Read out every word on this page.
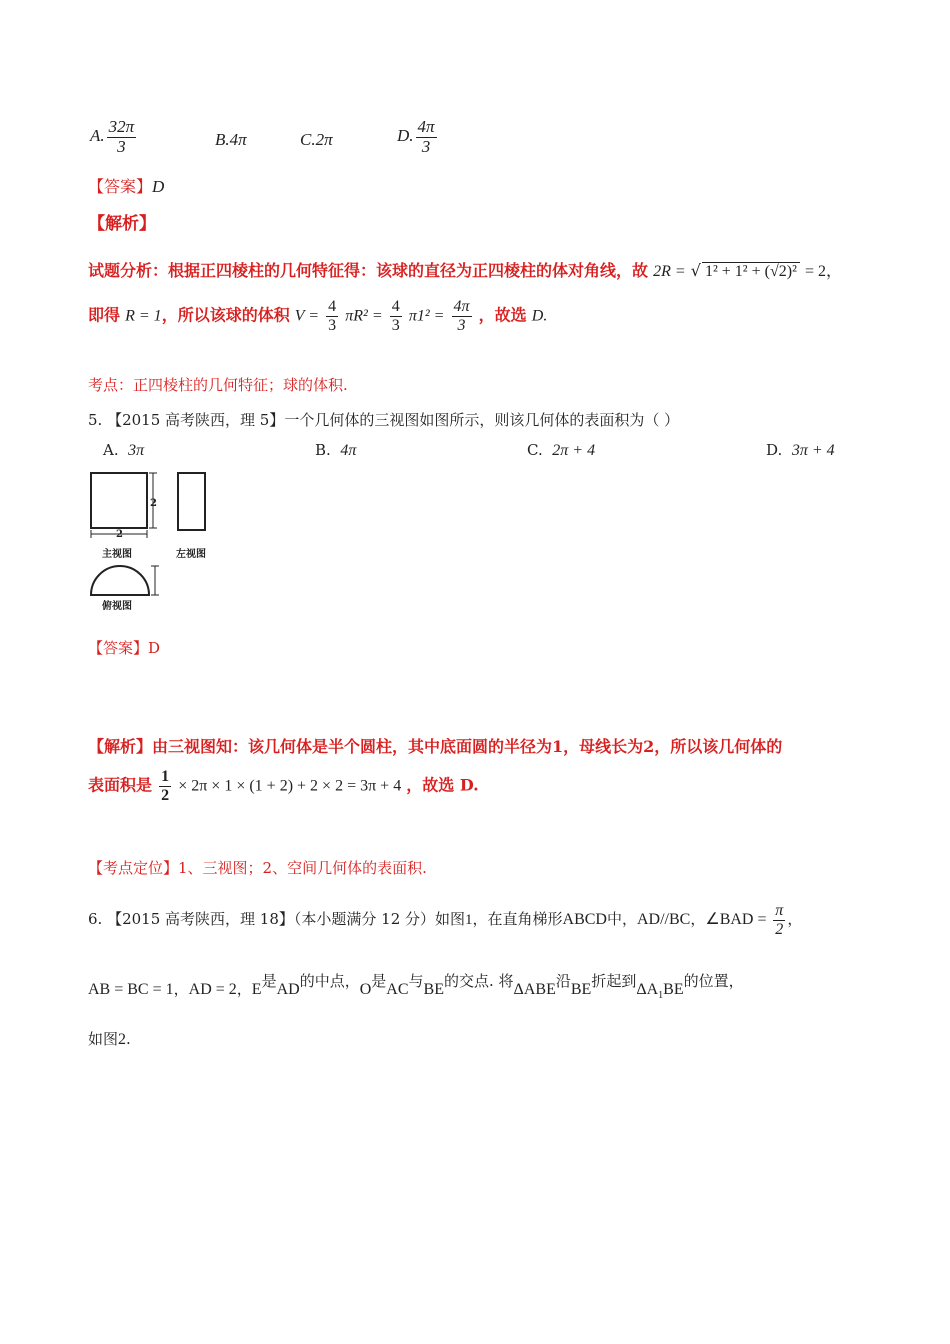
A. $\frac{32\pi}{3}$	B.4π	C.2π	D. $\frac{4\pi}{3}$
【答案】D
【解析】
试题分析：根据正四棱柱的几何特征得：该球的直径为正四棱柱的体对角线，故 2R = √ 1² + 1² + (√2)² = 2，
即得 R = 1，所以该球的体积 $V = \frac{4}{3} \pi R^2 = \frac{4}{3} \pi 1^2 = \frac{4\pi}{3}$ ，故选 D.
考点：正四棱柱的几何特征；球的体积.
5. 【2015 高考陕西，理 5】一个几何体的三视图如图所示，则该几何体的表面积为（ ）
A. 3π	B. 4π	C. 2π + 4	D. 3π + 4
2
2
主视图	左视图
俯视图
【答案】D
【解析】由三视图知：该几何体是半个圆柱，其中底面圆的半径为1，母线长为2，所以该几何体的
表面积是 $\frac{1}{2} \times 2\pi \times 1 \times (1 + 2) + 2 \times 2 = 3\pi + 4$ ，故选 D.
【考点定位】1、三视图；2、空间几何体的表面积.
6. 【2015 高考陕西，理 18】（本小题满分 12 分）如图1，在直角梯形ABCD中，AD//BC，∠BAD = $\frac{\pi}{2}$ ，
AB = BC = 1，AD = 2，E是AD的中点，O是AC与BE的交点. 将ΔABE沿BE折起到$\Delta A_1BE$的位置，
如图2.
